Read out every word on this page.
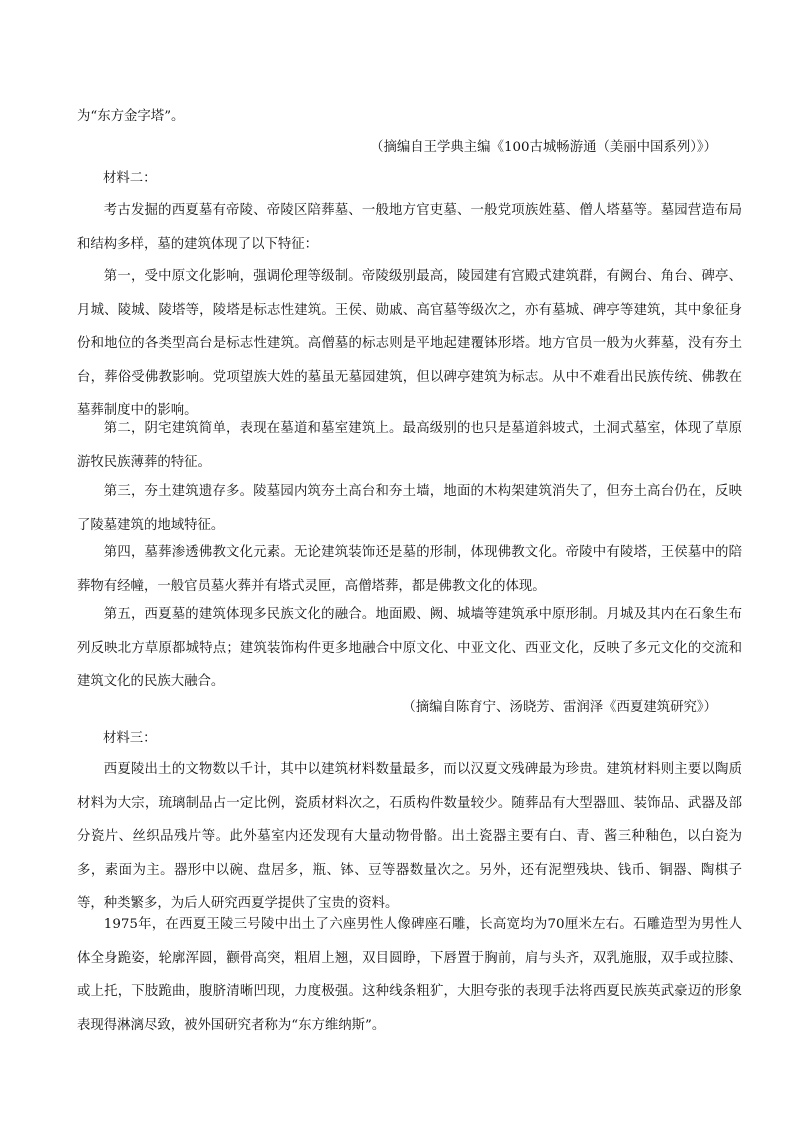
为“东方金字塔”。
（摘编自王学典主编《100古城畅游通（美丽中国系列）》）
材料二：
考古发掘的西夏墓有帝陵、帝陵区陪葬墓、一般地方官吏墓、一般党项族姓墓、僧人塔墓等。墓园营造布局和结构多样，墓的建筑体现了以下特征：
第一，受中原文化影响，强调伦理等级制。帝陵级别最高，陵园建有宫殿式建筑群，有阙台、角台、碑亭、月城、陵城、陵塔等，陵塔是标志性建筑。王侯、勋戚、高官墓等级次之，亦有墓城、碑亭等建筑，其中象征身份和地位的各类型高台是标志性建筑。高僧墓的标志则是平地起建覆钵形塔。地方官员一般为火葬墓，没有夯土台，葬俗受佛教影响。党项望族大姓的墓虽无墓园建筑，但以碑亭建筑为标志。从中不难看出民族传统、佛教在墓葬制度中的影响。
第二，阴宅建筑简单，表现在墓道和墓室建筑上。最高级别的也只是墓道斜坡式，土洞式墓室，体现了草原游牧民族薄葬的特征。
第三，夯土建筑遗存多。陵墓园内筑夯土高台和夯土墙，地面的木构架建筑消失了，但夯土高台仍在，反映了陵墓建筑的地域特征。
第四，墓葬渗透佛教文化元素。无论建筑装饰还是墓的形制，体现佛教文化。帝陵中有陵塔，王侯墓中的陪葬物有经幢，一般官员墓火葬并有塔式灵匣，高僧塔葬，都是佛教文化的体现。
第五，西夏墓的建筑体现多民族文化的融合。地面殿、阙、城墙等建筑承中原形制。月城及其内在石象生布列反映北方草原都城特点；建筑装饰构件更多地融合中原文化、中亚文化、西亚文化，反映了多元文化的交流和建筑文化的民族大融合。
（摘编自陈育宁、汤晓芳、雷润泽《西夏建筑研究》）
材料三：
西夏陵出土的文物数以千计，其中以建筑材料数量最多，而以汉夏文残碑最为珍贵。建筑材料则主要以陶质材料为大宗，琉璃制品占一定比例，瓷质材料次之，石质构件数量较少。随葬品有大型器皿、装饰品、武器及部分瓷片、丝织品残片等。此外墓室内还发现有大量动物骨骼。出土瓷器主要有白、青、酱三种釉色，以白瓷为多，素面为主。器形中以碗、盘居多，瓶、钵、豆等器数量次之。另外，还有泥塑残块、钱币、铜器、陶棋子等，种类繁多，为后人研究西夏学提供了宝贵的资料。
1975年，在西夏王陵三号陵中出土了六座男性人像碑座石雕，长高宽均为70厘米左右。石雕造型为男性人体全身跪姿，轮廓浑圆，颧骨高突，粗眉上翘，双目圆睁，下唇置于胸前，肩与头齐，双乳施服，双手或拉膝、或上托，下肢跪曲，腹脐清晰凹现，力度极强。这种线条粗犷，大胆夸张的表现手法将西夏民族英武豪迈的形象表现得淋漓尽致，被外国研究者称为“东方维纳斯”。
